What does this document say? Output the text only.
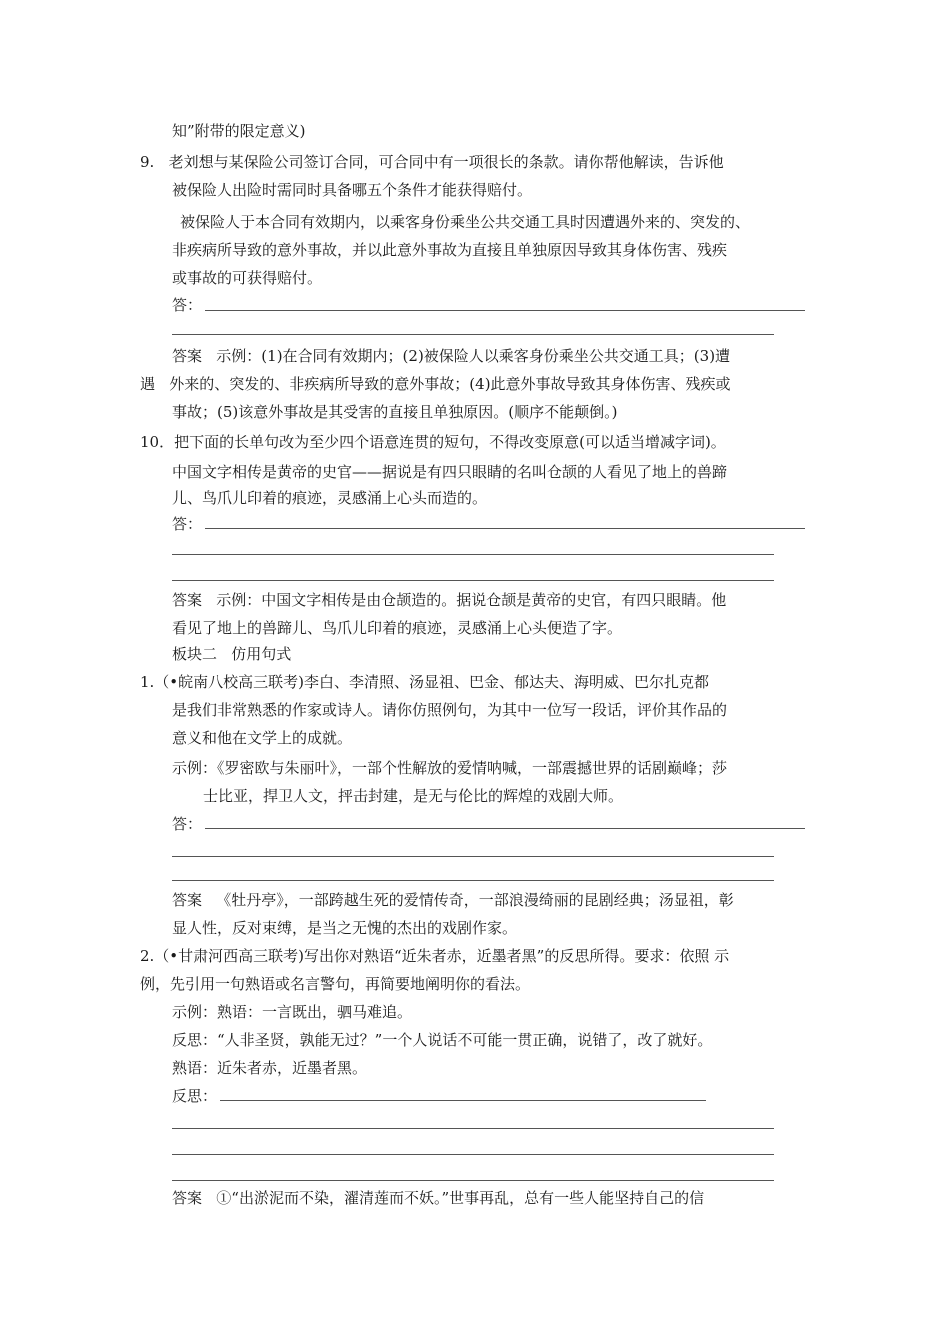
知”附带的限定意义)
9.   老刘想与某保险公司签订合同，可合同中有一项很长的条款。请你帮他解读，告诉他
被保险人出险时需同时具备哪五个条件才能获得赔付。
被保险人于本合同有效期内，以乘客身份乘坐公共交通工具时因遭遇外来的、突发的、
非疾病所导致的意外事故，并以此意外事故为直接且单独原因导致其身体伤害、残疾
或事故的可获得赔付。
答：
答案   示例：(1)在合同有效期内；(2)被保险人以乘客身份乘坐公共交通工具；(3)遭
遇   外来的、突发的、非疾病所导致的意外事故；(4)此意外事故导致其身体伤害、残疾或
事故；(5)该意外事故是其受害的直接且单独原因。(顺序不能颠倒。)
10．把下面的长单句改为至少四个语意连贯的短句，不得改变原意(可以适当增减字词)。
中国文字相传是黄帝的史官——据说是有四只眼睛的名叫仓颉的人看见了地上的兽蹄
儿、鸟爪儿印着的痕迹，灵感涌上心头而造的。
答：
答案   示例：中国文字相传是由仓颉造的。据说仓颉是黄帝的史官，有四只眼睛。他
看见了地上的兽蹄儿、鸟爪儿印着的痕迹，灵感涌上心头便造了字。
板块二   仿用句式
1.（•皖南八校高三联考)李白、李清照、汤显祖、巴金、郁达夫、海明威、巴尔扎克都
是我们非常熟悉的作家或诗人。请你仿照例句，为其中一位写一段话，评价其作品的
意义和他在文学上的成就。
示例：《罗密欧与朱丽叶》，一部个性解放的爱情呐喊，一部震撼世界的话剧巅峰；莎
士比亚，捍卫人文，抨击封建，是无与伦比的辉煌的戏剧大师。
答：
答案   《牡丹亭》，一部跨越生死的爱情传奇，一部浪漫绮丽的昆剧经典；汤显祖，彰
显人性，反对束缚，是当之无愧的杰出的戏剧作家。
2.（•甘肃河西高三联考)写出你对熟语“近朱者赤，近墨者黑”的反思所得。要求：依照 示
例，先引用一句熟语或名言警句，再简要地阐明你的看法。
示例：熟语：一言既出，驷马难追。
反思：“人非圣贤，孰能无过？”一个人说话不可能一贯正确，说错了，改了就好。
熟语：近朱者赤，近墨者黑。
反思：
答案   ①“出淤泥而不染，濯清莲而不妖。”世事再乱，总有一些人能坚持自己的信
